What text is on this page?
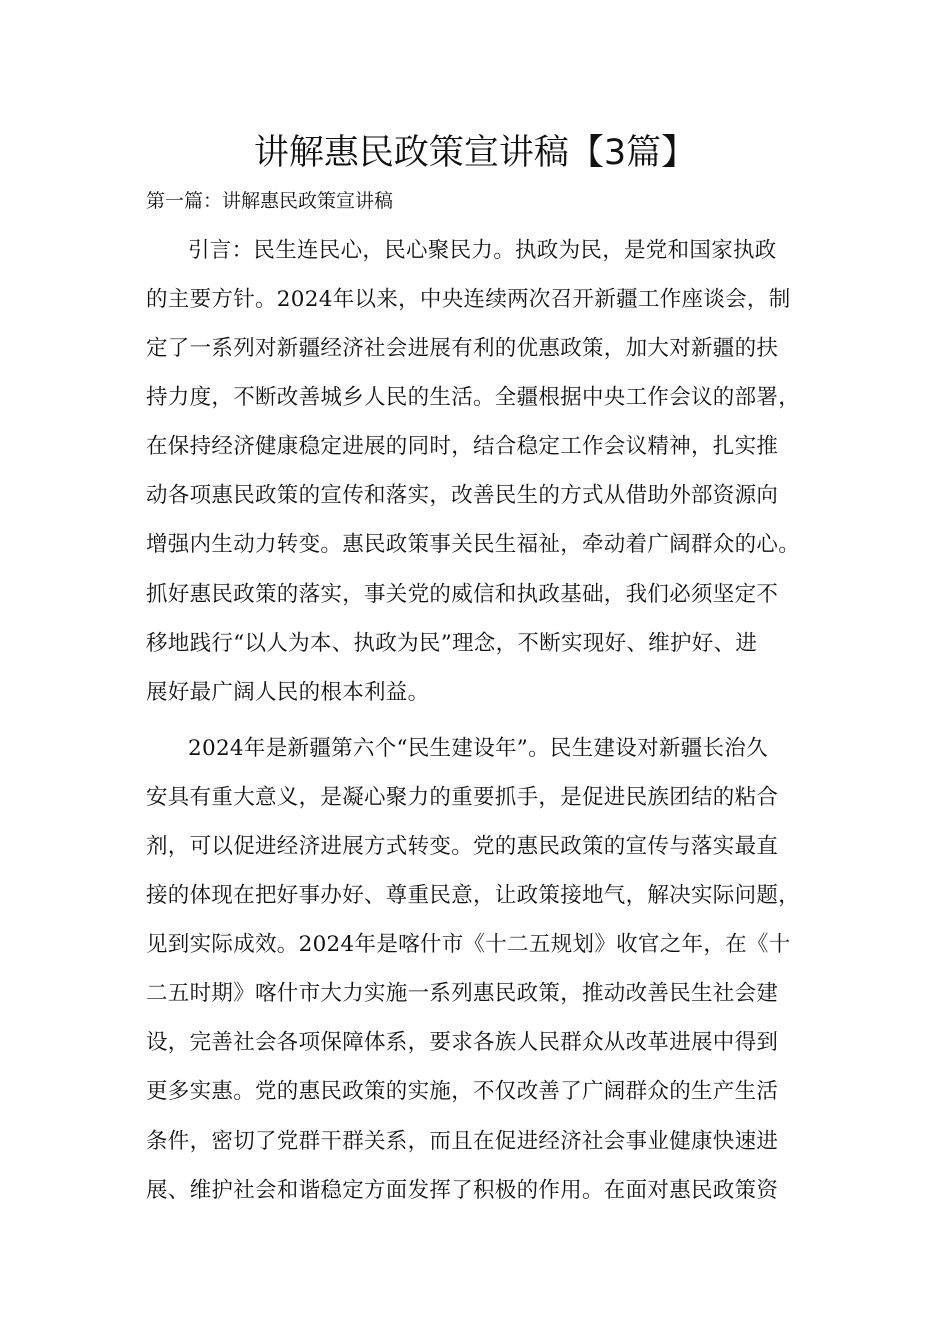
讲解惠民政策宣讲稿【3篇】
第一篇：讲解惠民政策宣讲稿
引言：民生连民心，民心聚民力。执政为民，是党和国家执政
的主要方针。2024年以来，中央连续两次召开新疆工作座谈会，制
定了一系列对新疆经济社会进展有利的优惠政策，加大对新疆的扶
持力度，不断改善城乡人民的生活。全疆根据中央工作会议的部署，
在保持经济健康稳定进展的同时，结合稳定工作会议精神，扎实推
动各项惠民政策的宣传和落实，改善民生的方式从借助外部资源向
增强内生动力转变。惠民政策事关民生福祉，牵动着广阔群众的心。
抓好惠民政策的落实，事关党的威信和执政基础，我们必须坚定不
移地践行“以人为本、执政为民”理念，不断实现好、维护好、进
展好最广阔人民的根本利益。
2024年是新疆第六个“民生建设年”。民生建设对新疆长治久
安具有重大意义，是凝心聚力的重要抓手，是促进民族团结的粘合
剂，可以促进经济进展方式转变。党的惠民政策的宣传与落实最直
接的体现在把好事办好、尊重民意，让政策接地气，解决实际问题，
见到实际成效。2024年是喀什市《十二五规划》收官之年，在《十
二五时期》喀什市大力实施一系列惠民政策，推动改善民生社会建
设，完善社会各项保障体系，要求各族人民群众从改革进展中得到
更多实惠。党的惠民政策的实施，不仅改善了广阔群众的生产生活
条件，密切了党群干群关系，而且在促进经济社会事业健康快速进
展、维护社会和谐稳定方面发挥了积极的作用。在面对惠民政策资
